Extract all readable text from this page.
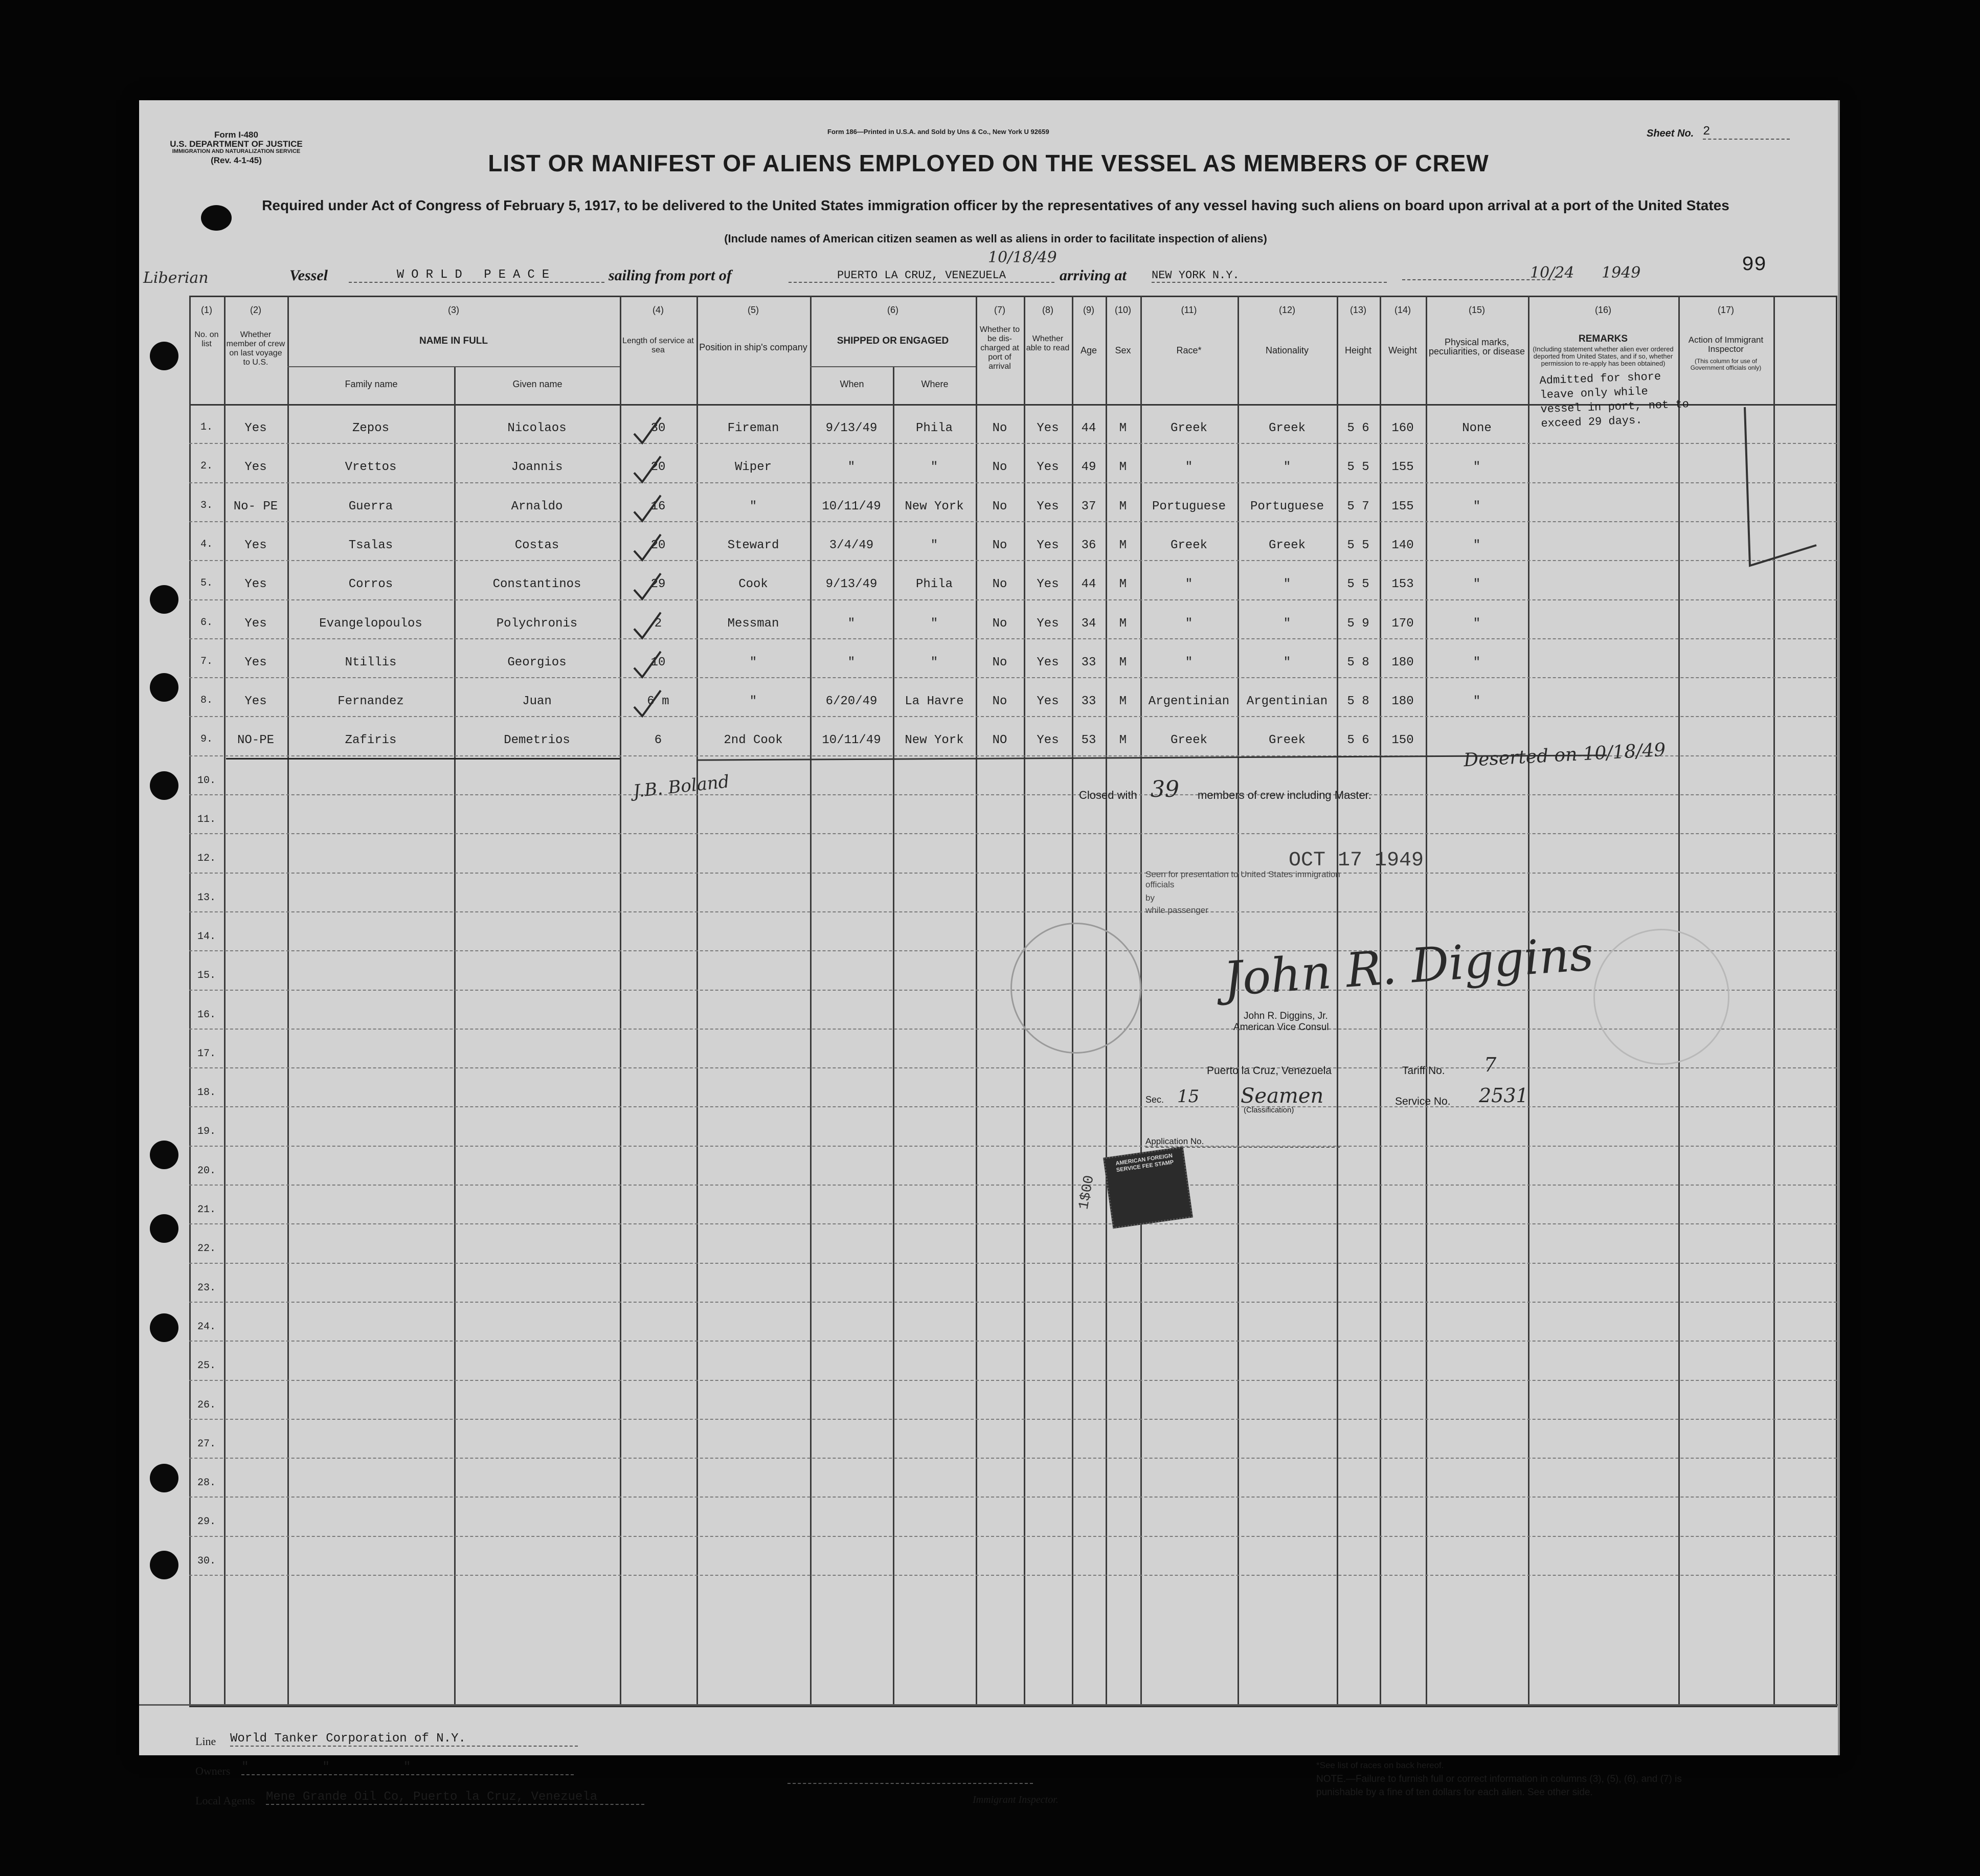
Form I-480
U.S. DEPARTMENT OF JUSTICE
IMMIGRATION AND NATURALIZATION SERVICE
(Rev. 4-1-45)
Form 186—Printed in U.S.A. and Sold by Uns & Co., New York U 92659	Sheet No. 2
LIST OR MANIFEST OF ALIENS EMPLOYED ON THE VESSEL AS MEMBERS OF CREW
Required under Act of Congress of February 5, 1917, to be delivered to the United States immigration officer by the representatives of any vessel having such aliens on board upon arrival at a port of the United States
(Include names of American citizen seamen as well as aliens in order to facilitate inspection of aliens)
Liberian	Vessel	WORLD PEACE	sailing from port of	PUERTO LA CRUZ, VENEZUELA
10/18/49
arriving at NEW YORK N.Y.	10/24 1949	99
(1)	(2)	(3)	(4)	(5)	(6)	(7)	(8)	(9)	(10)	(11)	(12)	(13)	(14)	(15)	(16)	(17)
No. on list
Whether member of crew on last voyage to U.S.
NAME IN FULL
Family name	Given name
Length of service at sea	Position in ship's company
SHIPPED OR ENGAGED
When	Where
Whether to be dis-charged at port of arrival
Whether able to read	Age	Sex	Race*	Nationality	Height	Weight
Physical marks, peculiarities, or disease
REMARKS
(Including statement whether alien ever ordered deported from United States, and if so, whether permission to re-apply has been obtained)
Action of Immigrant Inspector
(This column for use of Government officials only)
10.
11.
12.
13.
14.
15.
16.
17.
18.
19.
20.
21.
22.
23.
24.
25.
26.
27.
28.
29.
30.
1.	Yes	Zepos	Nicolaos	30	Fireman	9/13/49	Phila	No	Yes	44	M	Greek	Greek	5 6	160	None
2.	Yes	Vrettos	Joannis	20	Wiper	"	"	No	Yes	49	M	"	"	5 5	155	"
3.	No- PE	Guerra	Arnaldo	16	"	10/11/49	New York	No	Yes	37	M	Portuguese	Portuguese	5 7	155	"
4.	Yes	Tsalas	Costas	20	Steward	3/4/49	"	No	Yes	36	M	Greek	Greek	5 5	140	"
5.	Yes	Corros	Constantinos	29	Cook	9/13/49	Phila	No	Yes	44	M	"	"	5 5	153	"
6.	Yes	Evangelopoulos	Polychronis	2	Messman	"	"	No	Yes	34	M	"	"	5 9	170	"
7.	Yes	Ntillis	Georgios	10	"	"	"	No	Yes	33	M	"	"	5 8	180	"
8.	Yes	Fernandez	Juan	6 m	"	6/20/49	La Havre	No	Yes	33	M	Argentinian	Argentinian	5 8	180	"
9.	NO-PE	Zafiris	Demetrios	6	2nd Cook	10/11/49	New York	NO	Yes	53	M	Greek	Greek	5 6	150
Admitted for shore leave only while vessel in port, not to exceed 29 days.
Deserted on 10/18/49
J.B. Boland	Closed with 39 members of crew including Master.
OCT 17 1949
Seen for presentation to United States immigration officials
by
while passenger
John R. Diggins
John R. Diggins, Jr.
American Vice Consul
Puerto la Cruz, Venezuela	Tariff No. 7
Sec. 15 Seamen
(Classification)
Service No. 2531
Application No.
AMERICAN FOREIGN SERVICE FEE STAMP
1$00
Line World Tanker Corporation of N.Y.
Owners "          "          "
Local Agents Mene Grande Oil Co, Puerto la Cruz, Venezuela	Immigrant Inspector.
*See list of races on back hereof.
NOTE.—Failure to furnish full or correct information in columns (3), (5), (6), and (7) is punishable by a fine of ten dollars for each alien. See other side.
